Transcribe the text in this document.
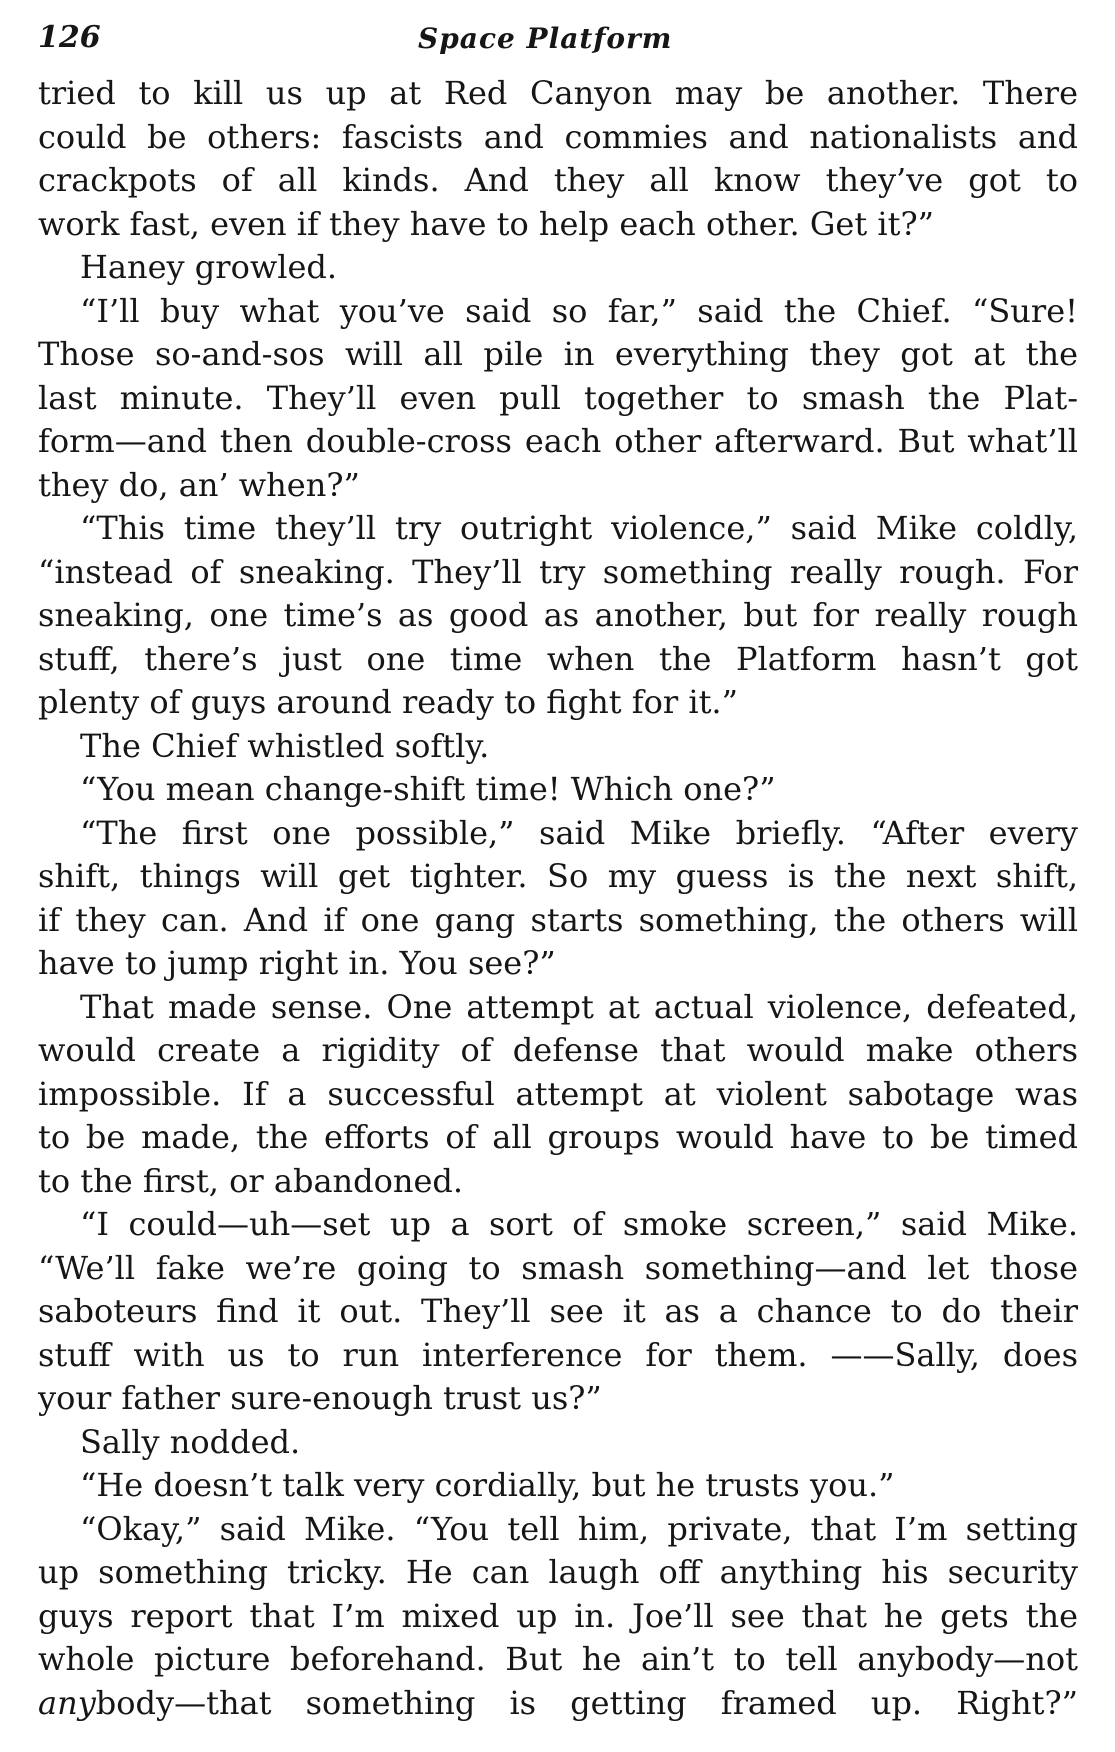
126	Space Platform
tried to kill us up at Red Canyon may be another. There
could be others: fascists and commies and nationalists and
crackpots of all kinds. And they all know they’ve got to
work fast, even if they have to help each other. Get it?”
Haney growled.
“I’ll buy what you’ve said so far,” said the Chief. “Sure!
Those so-and-sos will all pile in everything they got at the
last minute. They’ll even pull together to smash the Plat-
form—and then double-cross each other afterward. But what’ll
they do, an’ when?”
“This time they’ll try outright violence,” said Mike coldly,
“instead of sneaking. They’ll try something really rough. For
sneaking, one time’s as good as another, but for really rough
stuff, there’s just one time when the Platform hasn’t got
plenty of guys around ready to fight for it.”
The Chief whistled softly.
“You mean change-shift time! Which one?”
“The first one possible,” said Mike briefly. “After every
shift, things will get tighter. So my guess is the next shift,
if they can. And if one gang starts something, the others will
have to jump right in. You see?”
That made sense. One attempt at actual violence, defeated,
would create a rigidity of defense that would make others
impossible. If a successful attempt at violent sabotage was
to be made, the efforts of all groups would have to be timed
to the first, or abandoned.
“I could—uh—set up a sort of smoke screen,” said Mike.
“We’ll fake we’re going to smash something—and let those
saboteurs find it out. They’ll see it as a chance to do their
stuff with us to run interference for them. ——Sally, does
your father sure-enough trust us?”
Sally nodded.
“He doesn’t talk very cordially, but he trusts you.”
“Okay,” said Mike. “You tell him, private, that I’m setting
up something tricky. He can laugh off anything his security
guys report that I’m mixed up in. Joe’ll see that he gets the
whole picture beforehand. But he ain’t to tell anybody—not
anybody—that something is getting framed up. Right?”
